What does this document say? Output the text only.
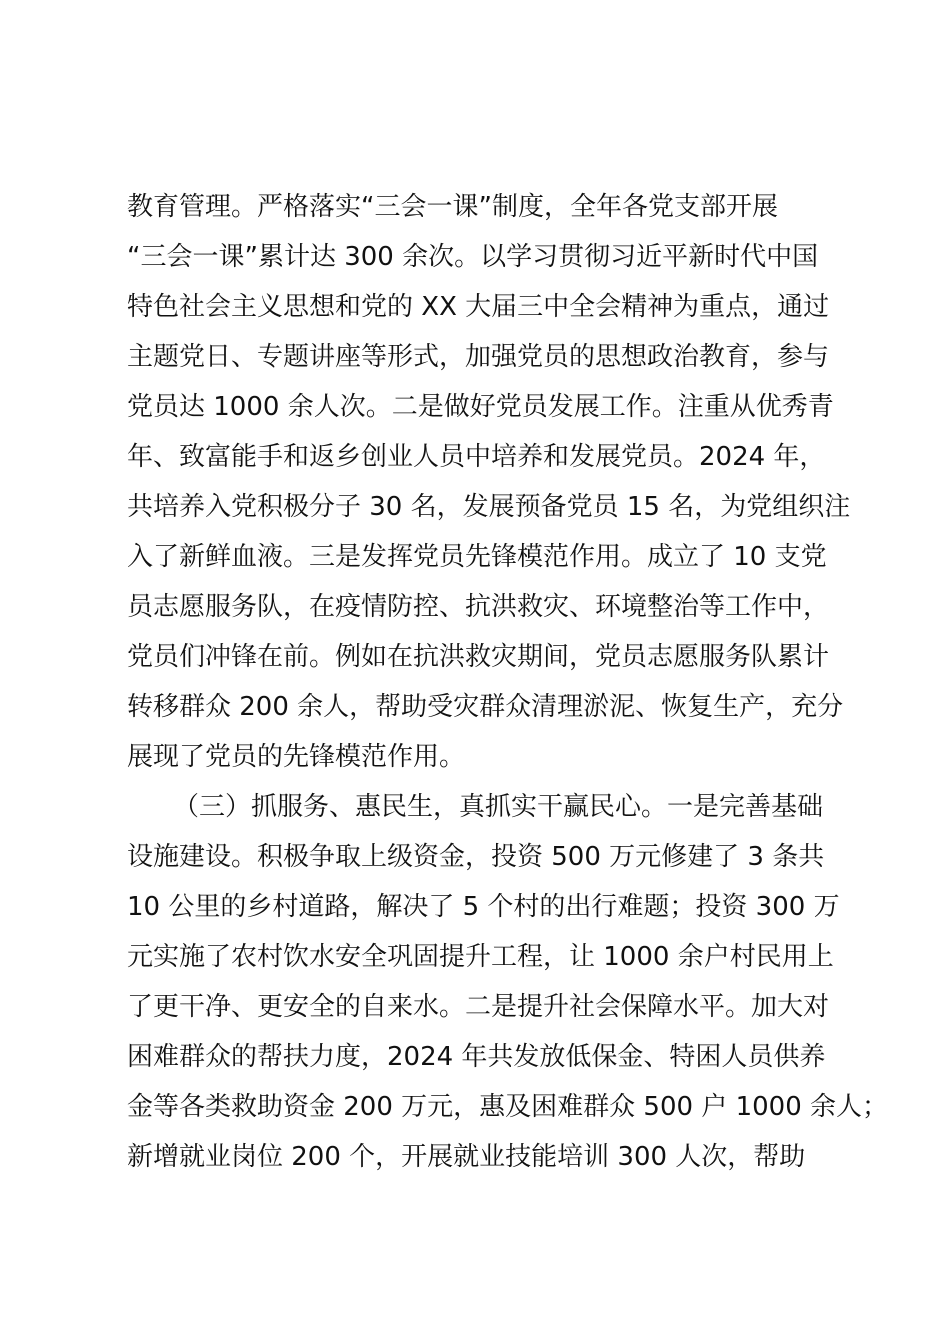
教育管理。严格落实“三会一课”制度，全年各党支部开展
“三会一课”累计达 300 余次。以学习贯彻习近平新时代中国
特色社会主义思想和党的 XX 大届三中全会精神为重点，通过
主题党日、专题讲座等形式，加强党员的思想政治教育，参与
党员达 1000 余人次。二是做好党员发展工作。注重从优秀青
年、致富能手和返乡创业人员中培养和发展党员。2024 年，
共培养入党积极分子 30 名，发展预备党员 15 名，为党组织注
入了新鲜血液。三是发挥党员先锋模范作用。成立了 10 支党
员志愿服务队，在疫情防控、抗洪救灾、环境整治等工作中，
党员们冲锋在前。例如在抗洪救灾期间，党员志愿服务队累计
转移群众 200 余人，帮助受灾群众清理淤泥、恢复生产，充分
展现了党员的先锋模范作用。
（三）抓服务、惠民生，真抓实干赢民心。一是完善基础
设施建设。积极争取上级资金，投资 500 万元修建了 3 条共
10 公里的乡村道路，解决了 5 个村的出行难题；投资 300 万
元实施了农村饮水安全巩固提升工程，让 1000 余户村民用上
了更干净、更安全的自来水。二是提升社会保障水平。加大对
困难群众的帮扶力度，2024 年共发放低保金、特困人员供养
金等各类救助资金 200 万元，惠及困难群众 500 户 1000 余人；
新增就业岗位 200 个，开展就业技能培训 300 人次，帮助
